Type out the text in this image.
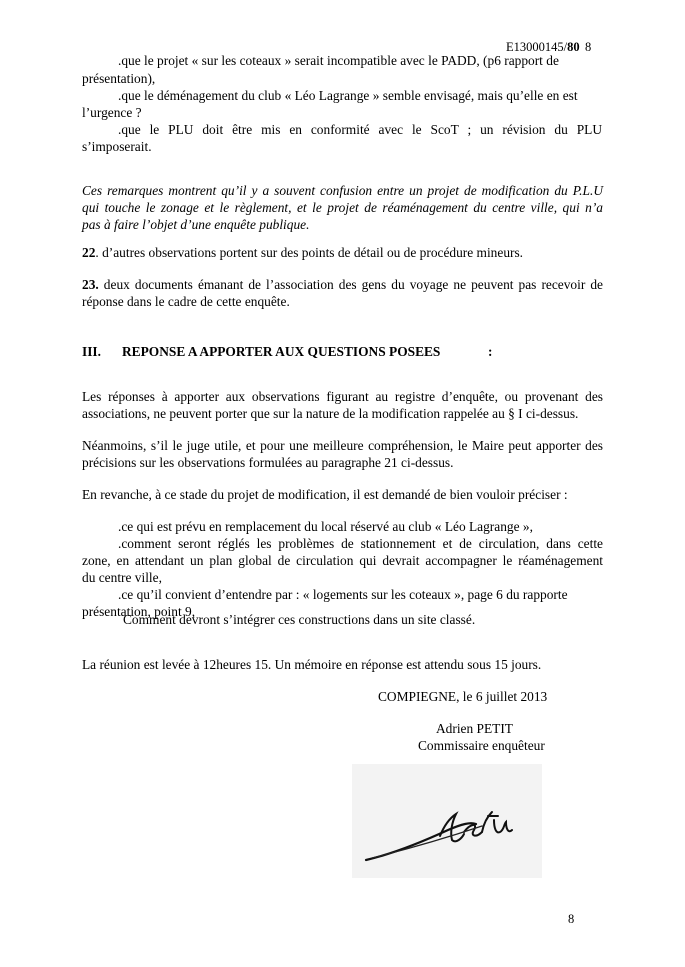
E13000145/80 8
.que le projet « sur les coteaux » serait incompatible avec le PADD, (p6 rapport de
présentation),
.que le déménagement du club « Léo Lagrange » semble envisagé, mais qu’elle en est
l’urgence ?
.que le PLU doit être mis en conformité avec le ScoT ; un révision du PLU
s’imposerait.
Ces remarques montrent qu’il y a souvent confusion entre un projet de modification du P.L.U
qui touche le zonage et le règlement, et le projet de réaménagement du centre ville, qui n’a
pas à faire l’objet d’une enquête publique.
22. d’autres observations portent sur des points de détail ou de procédure mineurs.
23. deux documents émanant de l’association des gens du voyage ne peuvent pas recevoir de
réponse dans le cadre de cette enquête.
III. REPONSE A APPORTER AUX QUESTIONS POSEES	:
Les réponses à apporter aux observations figurant au registre d’enquête, ou provenant des
associations, ne peuvent porter que sur la nature de la modification rappelée au § I ci-dessus.
Néanmoins, s’il le juge utile, et pour une meilleure compréhension, le Maire peut apporter des
précisions sur les observations formulées au paragraphe 21 ci-dessus.
En revanche, à ce stade du projet de modification, il est demandé de bien vouloir préciser :
.ce qui est prévu en remplacement du local réservé au club « Léo Lagrange »,
.comment seront réglés les problèmes de stationnement et de circulation, dans cette
zone, en attendant un plan global de circulation qui devrait accompagner le réaménagement
du centre ville,
.ce qu’il convient d’entendre par : « logements sur les coteaux », page 6 du rapporte
présentation, point 9,
Comment devront s’intégrer ces constructions dans un site classé.
La réunion est levée à 12heures 15. Un mémoire en réponse est attendu sous 15 jours.
COMPIEGNE, le 6 juillet 2013
Adrien PETIT
Commissaire enquêteur
8
